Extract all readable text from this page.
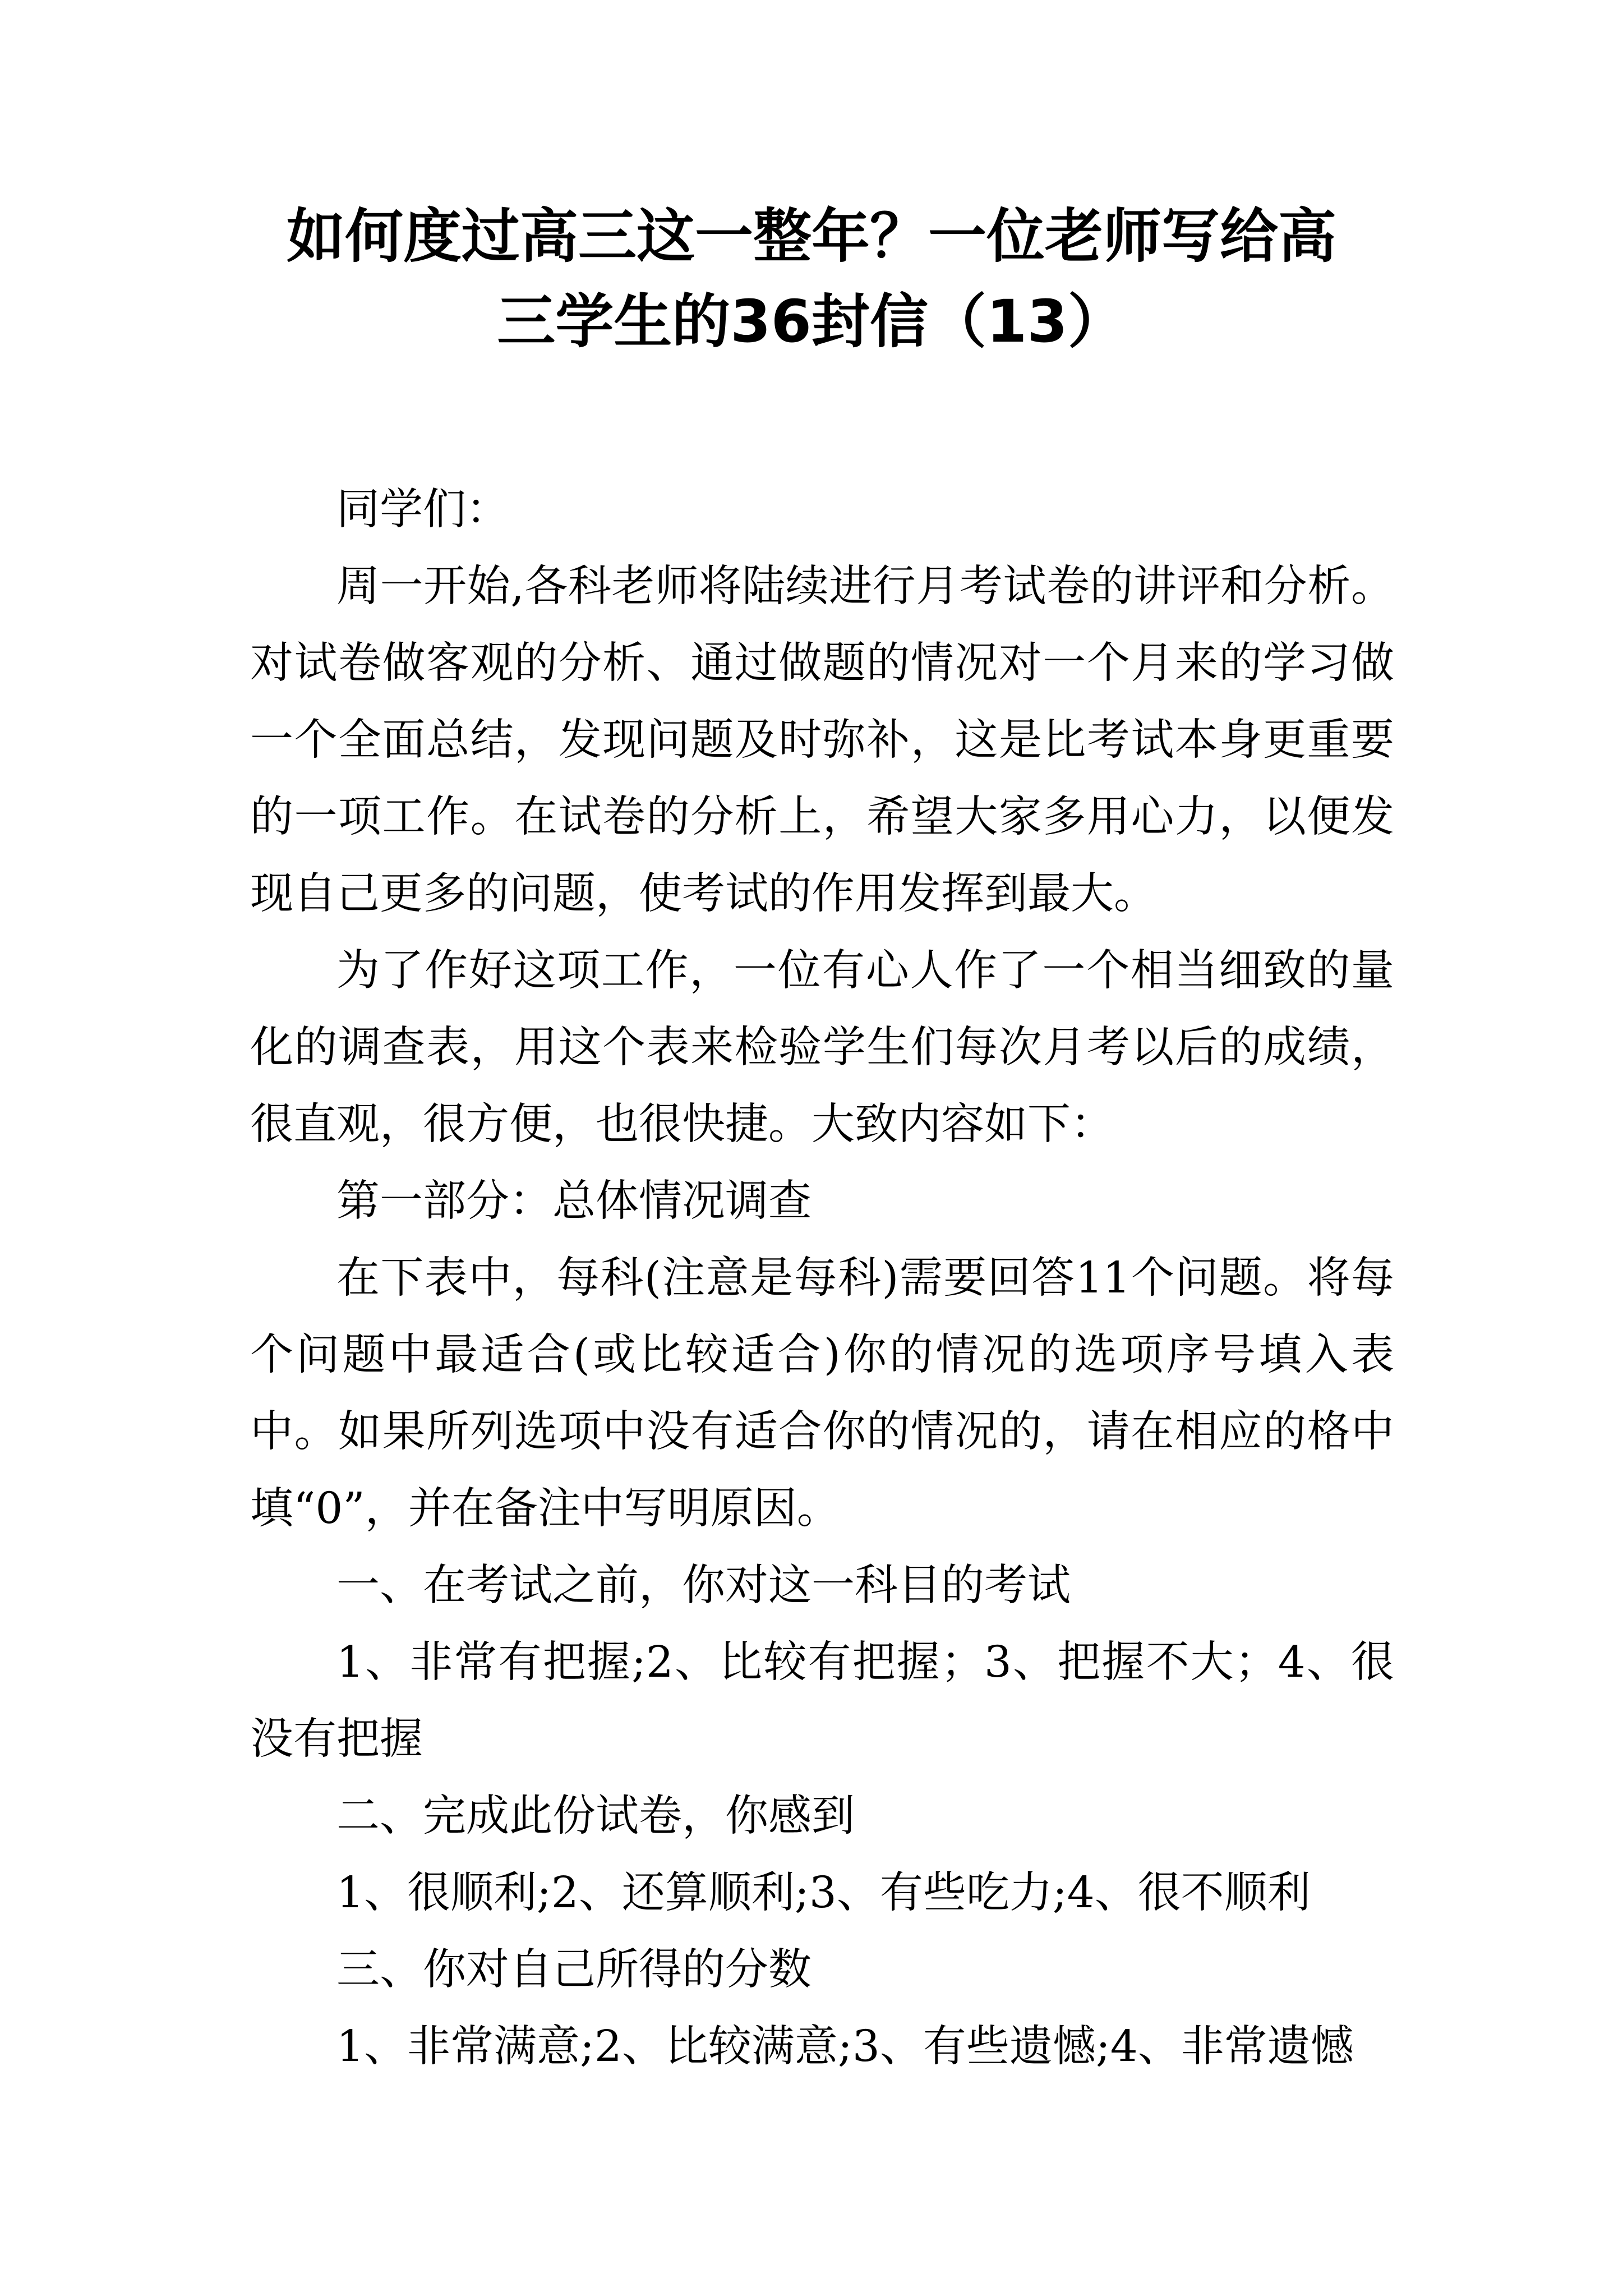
如何度过高三这一整年？一位老师写给高
三学生的36封信（13）

同学们：

周一开始,各科老师将陆续进行月考试卷的讲评和分析。对试卷做客观的分析、通过做题的情况对一个月来的学习做一个全面总结，发现问题及时弥补，这是比考试本身更重要的一项工作。在试卷的分析上，希望大家多用心力，以便发现自己更多的问题，使考试的作用发挥到最大。

为了作好这项工作，一位有心人作了一个相当细致的量化的调查表，用这个表来检验学生们每次月考以后的成绩，很直观，很方便，也很快捷。大致内容如下：

第一部分：总体情况调查

在下表中，每科(注意是每科)需要回答11个问题。将每个问题中最适合(或比较适合)你的情况的选项序号填入表中。如果所列选项中没有适合你的情况的，请在相应的格中填“0”，并在备注中写明原因。

一、在考试之前，你对这一科目的考试

1、非常有把握;2、比较有把握；3、把握不大；4、很没有把握

二、完成此份试卷，你感到

1、很顺利;2、还算顺利;3、有些吃力;4、很不顺利

三、你对自己所得的分数

1、非常满意;2、比较满意;3、有些遗憾;4、非常遗憾
